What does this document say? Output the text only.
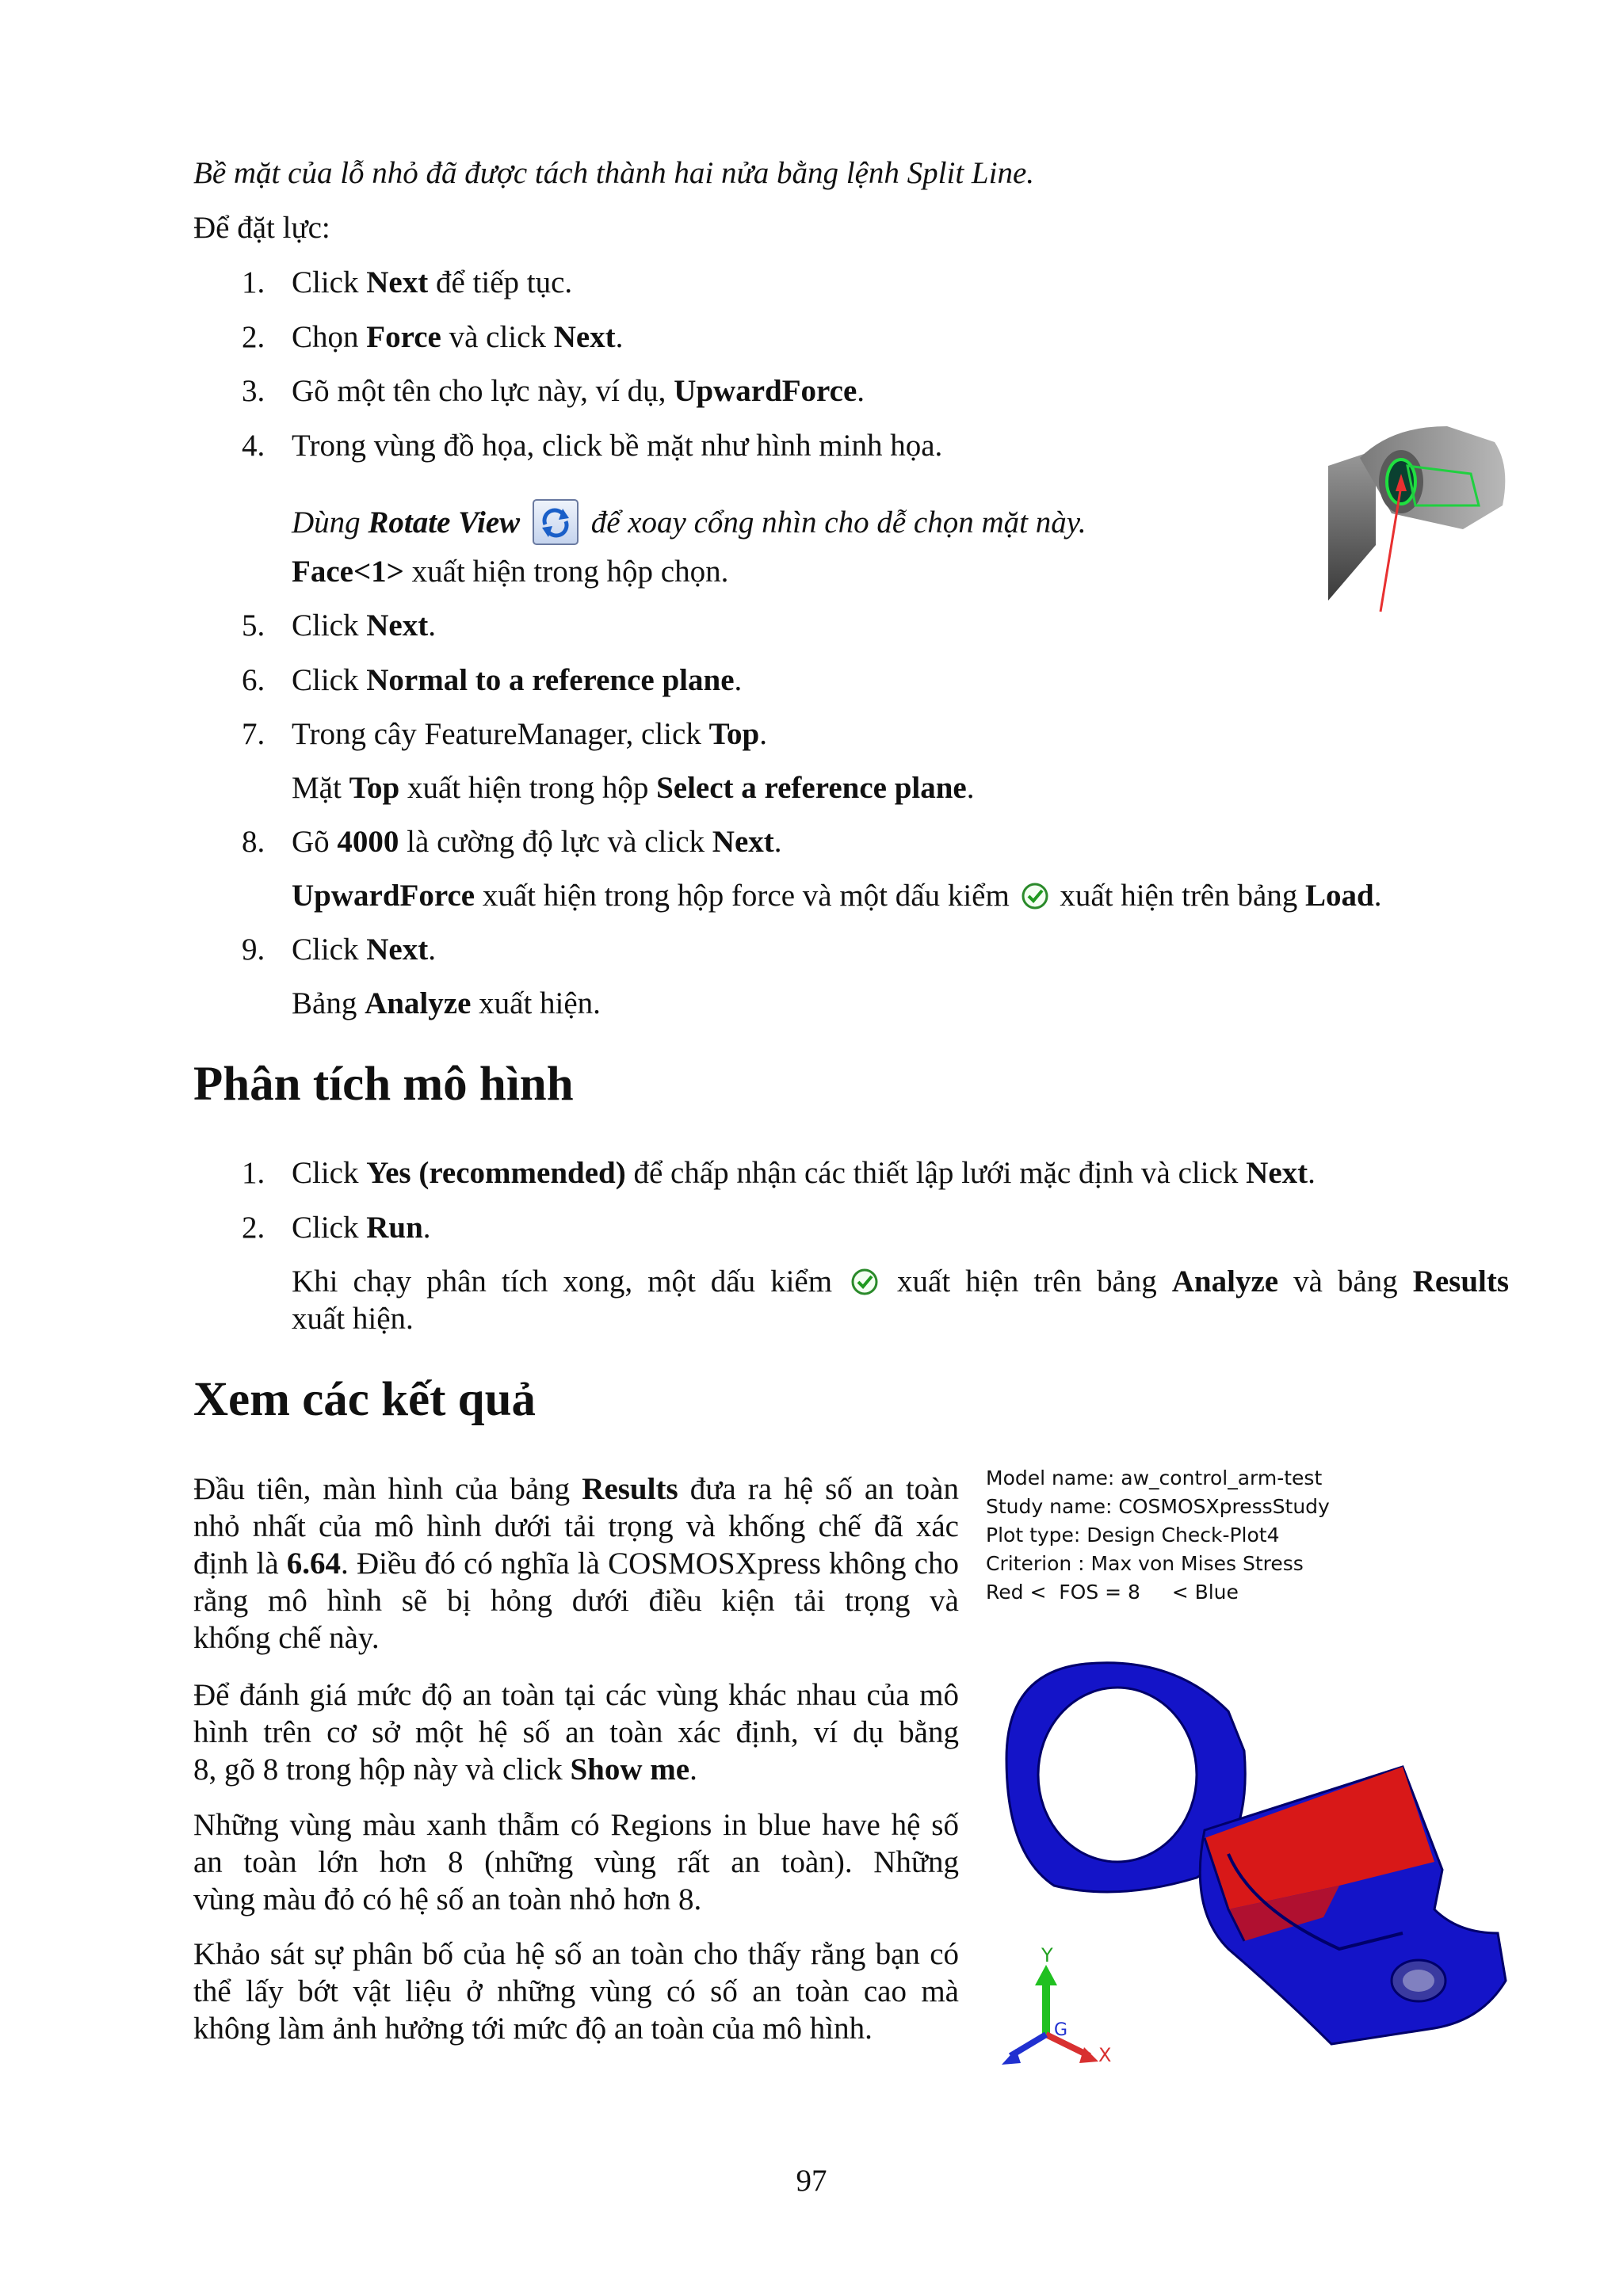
Bề mặt của lỗ nhỏ đã được tách thành hai nửa bằng lệnh Split Line.
Để đặt lực:
1. Click Next để tiếp tục.
2. Chọn Force và click Next.
3. Gõ một tên cho lực này, ví dụ, UpwardForce.
4. Trong vùng đồ họa, click bề mặt như hình minh họa.
Dùng Rotate View  để xoay cổng nhìn cho dễ chọn mặt này.
Face<1> xuất hiện trong hộp chọn.
5. Click Next.
6. Click Normal to a reference plane.
7. Trong cây FeatureManager, click Top.
Mặt Top xuất hiện trong hộp Select a reference plane.
8. Gõ 4000 là cường độ lực và click Next.
UpwardForce xuất hiện trong hộp force và một dấu kiểm  xuất hiện trên bảng Load.
9. Click Next.
Bảng Analyze xuất hiện.
Phân tích mô hình
1. Click Yes (recommended) để chấp nhận các thiết lập lưới mặc định và click Next.
2. Click Run.
Khi chạy phân tích xong, một dấu kiểm  xuất hiện trên bảng Analyze và bảng Results
xuất hiện.
Xem các kết quả
Đầu tiên, màn hình của bảng Results đưa ra hệ số an toàn nhỏ nhất của mô hình dưới tải trọng và khống chế đã xác định là 6.64. Điều đó có nghĩa là COSMOSXpress không cho rằng mô hình sẽ bị hỏng dưới điều kiện tải trọng và
khống chế này.
Để đánh giá mức độ an toàn tại các vùng khác nhau của mô hình trên cơ sở một hệ số an toàn xác định, ví dụ bằng
8, gõ 8 trong hộp này và click Show me.
Những vùng màu xanh thẫm có Regions in blue have hệ số an toàn lớn hơn 8 (những vùng rất an toàn). Những
vùng màu đỏ có hệ số an toàn nhỏ hơn 8.
Khảo sát sự phân bố của hệ số an toàn cho thấy rằng bạn có thể lấy bớt vật liệu ở những vùng có số an toàn cao mà
không làm ảnh hưởng tới mức độ an toàn của mô hình.
Model name: aw_control_arm-test
Study name: COSMOSXpressStudy
Plot type: Design Check-Plot4
Criterion : Max von Mises Stress
Red <  FOS = 8     < Blue
Y
X
G
97
